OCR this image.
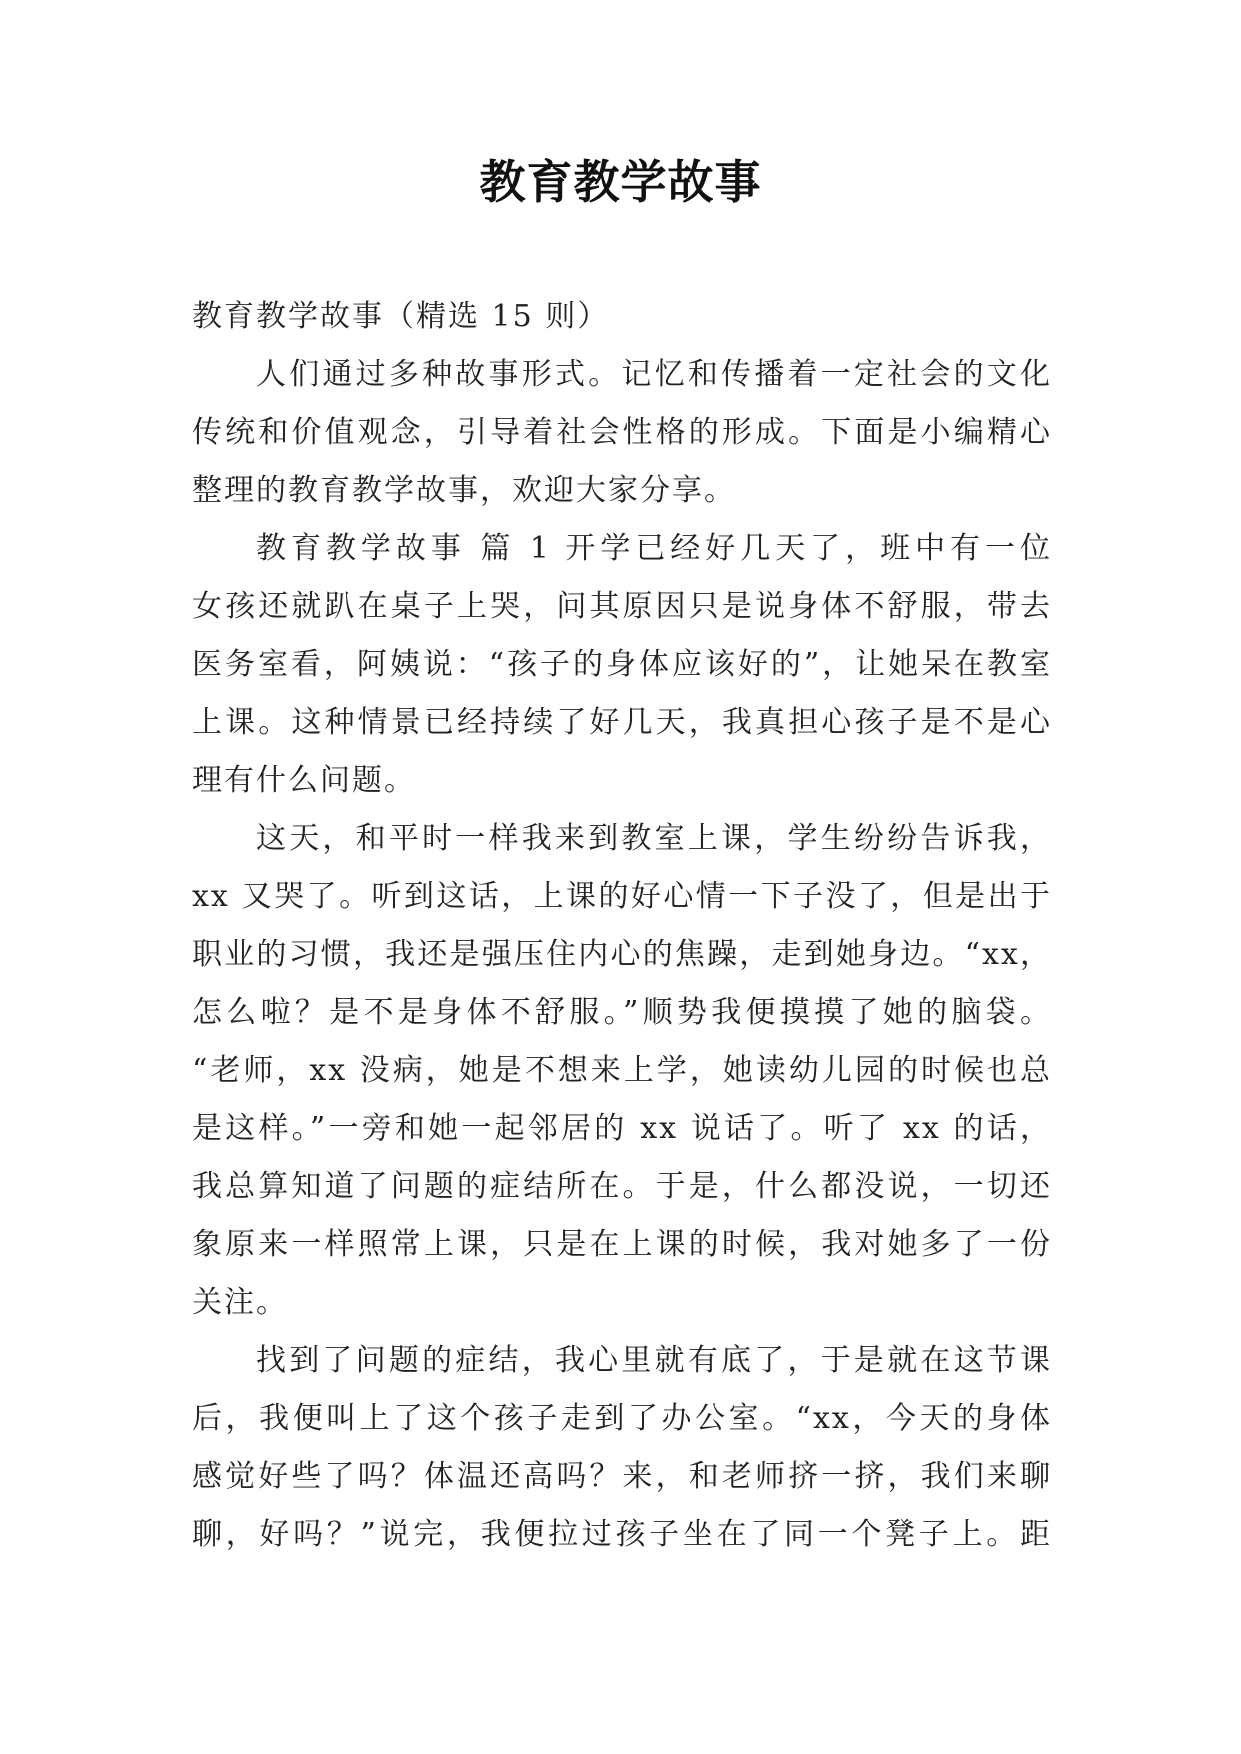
教育教学故事
教育教学故事（精选 15 则）
人们通过多种故事形式。记忆和传播着一定社会的文化
传统和价值观念，引导着社会性格的形成。下面是小编精心
整理的教育教学故事，欢迎大家分享。
教育教学故事 篇 1 开学已经好几天了，班中有一位
女孩还就趴在桌子上哭，问其原因只是说身体不舒服，带去
医务室看，阿姨说：“孩子的身体应该好的”，让她呆在教室
上课。这种情景已经持续了好几天，我真担心孩子是不是心
理有什么问题。
这天，和平时一样我来到教室上课，学生纷纷告诉我，
xx 又哭了。听到这话，上课的好心情一下子没了，但是出于
职业的习惯，我还是强压住内心的焦躁，走到她身边。“xx，
怎么啦？是不是身体不舒服。”顺势我便摸摸了她的脑袋。
“老师，xx 没病，她是不想来上学，她读幼儿园的时候也总
是这样。”一旁和她一起邻居的 xx 说话了。听了 xx 的话，
我总算知道了问题的症结所在。于是，什么都没说，一切还
象原来一样照常上课，只是在上课的时候，我对她多了一份
关注。
找到了问题的症结，我心里就有底了，于是就在这节课
后，我便叫上了这个孩子走到了办公室。“xx，今天的身体
感觉好些了吗？体温还高吗？来，和老师挤一挤，我们来聊
聊，好吗？”说完，我便拉过孩子坐在了同一个凳子上。距
